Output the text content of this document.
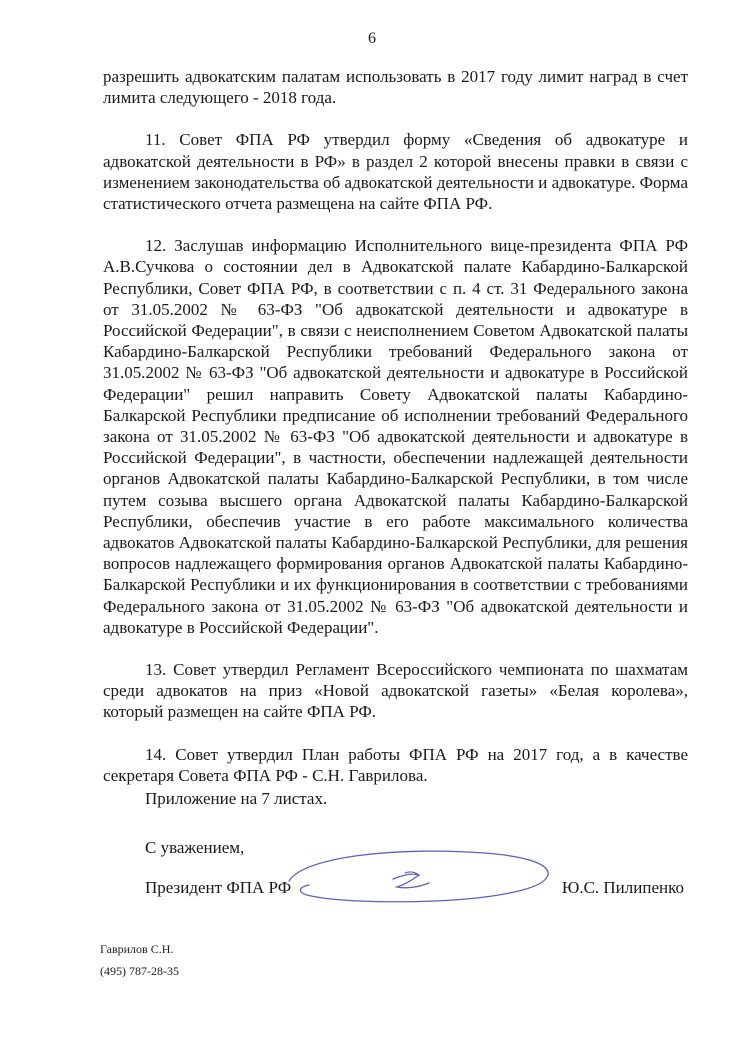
6

разрешить адвокатским палатам использовать в 2017 году лимит наград в счет лимита следующего - 2018 года.

11. Совет ФПА РФ утвердил форму «Сведения об адвокатуре и адвокатской деятельности в РФ» в раздел 2 которой внесены правки в связи с изменением законодательства об адвокатской деятельности и адвокатуре. Форма статистического отчета размещена на сайте ФПА РФ.

12. Заслушав информацию Исполнительного вице-президента ФПА РФ А.В.Сучкова о состоянии дел в Адвокатской палате Кабардино-Балкарской Республики, Совет ФПА РФ, в соответствии с п. 4 ст. 31 Федерального закона от 31.05.2002 № 63-ФЗ "Об адвокатской деятельности и адвокатуре в Российской Федерации", в связи с неисполнением Советом Адвокатской палаты Кабардино-Балкарской Республики требований Федерального закона от 31.05.2002 № 63-ФЗ "Об адвокатской деятельности и адвокатуре в Российской Федерации" решил направить Совету Адвокатской палаты Кабардино-Балкарской Республики предписание об исполнении требований Федерального закона от 31.05.2002 № 63-ФЗ "Об адвокатской деятельности и адвокатуре в Российской Федерации", в частности, обеспечении надлежащей деятельности органов Адвокатской палаты Кабардино-Балкарской Республики, в том числе путем созыва высшего органа Адвокатской палаты Кабардино-Балкарской Республики, обеспечив участие в его работе максимального количества адвокатов Адвокатской палаты Кабардино-Балкарской Республики, для решения вопросов надлежащего формирования органов Адвокатской палаты Кабардино-Балкарской Республики и их функционирования в соответствии с требованиями Федерального закона от 31.05.2002 № 63-ФЗ "Об адвокатской деятельности и адвокатуре в Российской Федерации".

13. Совет утвердил Регламент Всероссийского чемпионата по шахматам среди адвокатов на приз «Новой адвокатской газеты» «Белая королева», который размещен на сайте ФПА РФ.

14. Совет утвердил План работы ФПА РФ на 2017 год, а в качестве секретаря Совета ФПА РФ - С.Н. Гаврилова.

Приложение на 7 листах.
С уважением,
Президент ФПА РФ	Ю.С. Пилипенко
Гаврилов С.Н.
(495) 787-28-35
